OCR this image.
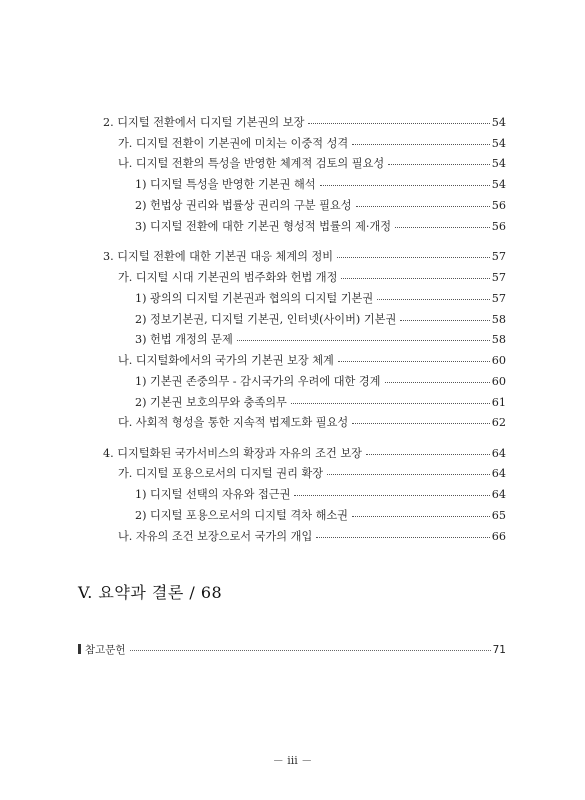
2. 디지털 전환에서 디지털 기본권의 보장	54
가. 디지털 전환이 기본권에 미치는 이중적 성격	54
나. 디지털 전환의 특성을 반영한 체계적 검토의 필요성	54
1) 디지털 특성을 반영한 기본권 해석	54
2) 헌법상 권리와 법률상 권리의 구분 필요성	56
3) 디지털 전환에 대한 기본권 형성적 법률의 제·개정	56
3. 디지털 전환에 대한 기본권 대응 체계의 정비	57
가. 디지털 시대 기본권의 범주화와 헌법 개정	57
1) 광의의 디지털 기본권과 협의의 디지털 기본권	57
2) 정보기본권, 디지털 기본권, 인터넷(사이버) 기본권	58
3) 헌법 개정의 문제	58
나. 디지털화에서의 국가의 기본권 보장 체계	60
1) 기본권 존중의무 - 감시국가의 우려에 대한 경계	60
2) 기본권 보호의무와 충족의무	61
다. 사회적 형성을 통한 지속적 법제도화 필요성	62
4. 디지털화된 국가서비스의 확장과 자유의 조건 보장	64
가. 디지털 포용으로서의 디지털 권리 확장	64
1) 디지털 선택의 자유와 접근권	64
2) 디지털 포용으로서의 디지털 격차 해소권	65
나. 자유의 조건 보장으로서 국가의 개입	66
V. 요약과 결론 / 68
참고문헌	71
－ iii －
